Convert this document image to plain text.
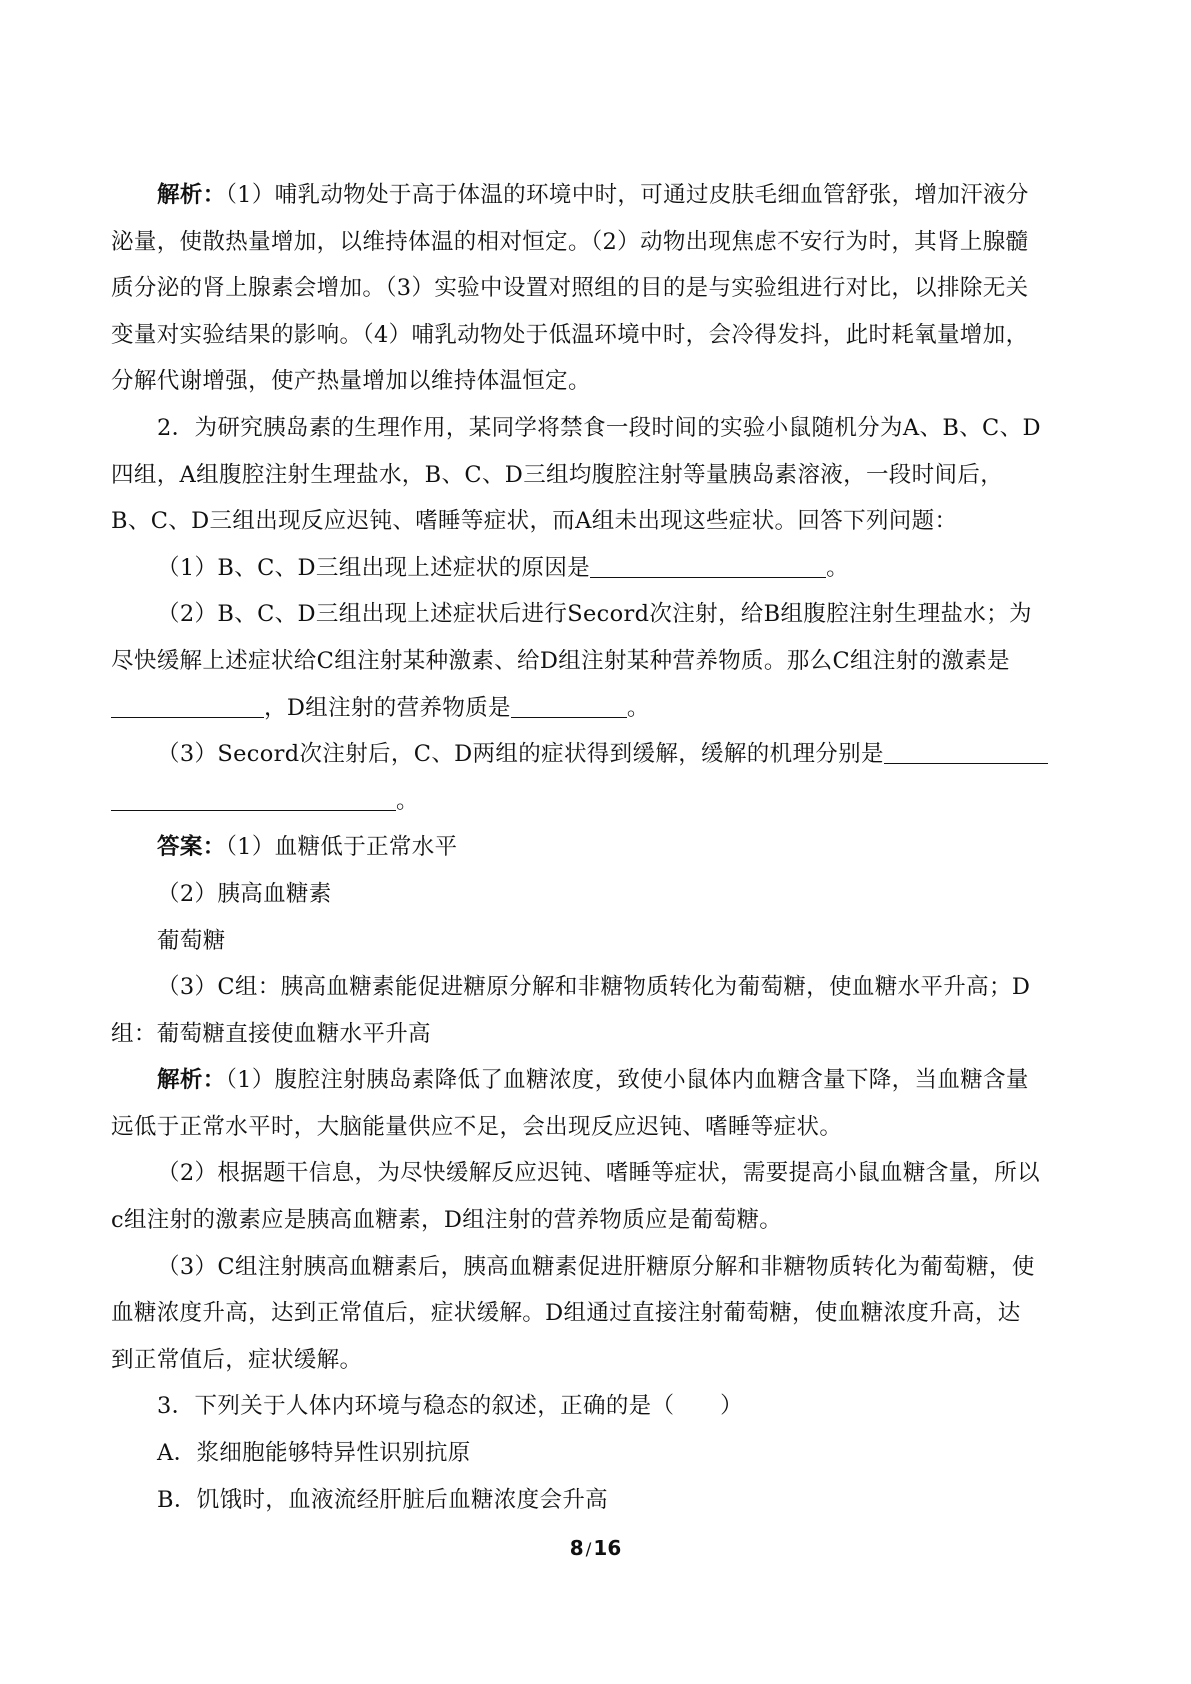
解析：（1）哺乳动物处于高于体温的环境中时，可通过皮肤毛细血管舒张，增加汗液分
泌量，使散热量增加，以维持体温的相对恒定。（2）动物出现焦虑不安行为时，其肾上腺髓
质分泌的肾上腺素会增加。（3）实验中设置对照组的目的是与实验组进行对比，以排除无关
变量对实验结果的影响。（4）哺乳动物处于低温环境中时，会冷得发抖，此时耗氧量增加，
分解代谢增强，使产热量增加以维持体温恒定。
2．为研究胰岛素的生理作用，某同学将禁食一段时间的实验小鼠随机分为A、B、C、D
四组，A组腹腔注射生理盐水，B、C、D三组均腹腔注射等量胰岛素溶液，一段时间后，
B、C、D三组出现反应迟钝、嗜睡等症状，而A组未出现这些症状。回答下列问题：
（1）B、C、D三组出现上述症状的原因是	。
（2）B、C、D三组出现上述症状后进行Secord次注射，给B组腹腔注射生理盐水；为
尽快缓解上述症状给C组注射某种激素、给D组注射某种营养物质。那么C组注射的激素是
，D组注射的营养物质是	。
（3）Secord次注射后，C、D两组的症状得到缓解，缓解的机理分别是
。
答案：（1）血糖低于正常水平
（2）胰高血糖素
葡萄糖
（3）C组：胰高血糖素能促进糖原分解和非糖物质转化为葡萄糖，使血糖水平升高；D
组：葡萄糖直接使血糖水平升高
解析：（1）腹腔注射胰岛素降低了血糖浓度，致使小鼠体内血糖含量下降，当血糖含量
远低于正常水平时，大脑能量供应不足，会出现反应迟钝、嗜睡等症状。
（2）根据题干信息，为尽快缓解反应迟钝、嗜睡等症状，需要提高小鼠血糖含量，所以
c组注射的激素应是胰高血糖素，D组注射的营养物质应是葡萄糖。
（3）C组注射胰高血糖素后，胰高血糖素促进肝糖原分解和非糖物质转化为葡萄糖，使
血糖浓度升高，达到正常值后，症状缓解。D组通过直接注射葡萄糖，使血糖浓度升高，达
到正常值后，症状缓解。
3．下列关于人体内环境与稳态的叙述，正确的是（　　）
A．浆细胞能够特异性识别抗原
B．饥饿时，血液流经肝脏后血糖浓度会升高
8 / 16
